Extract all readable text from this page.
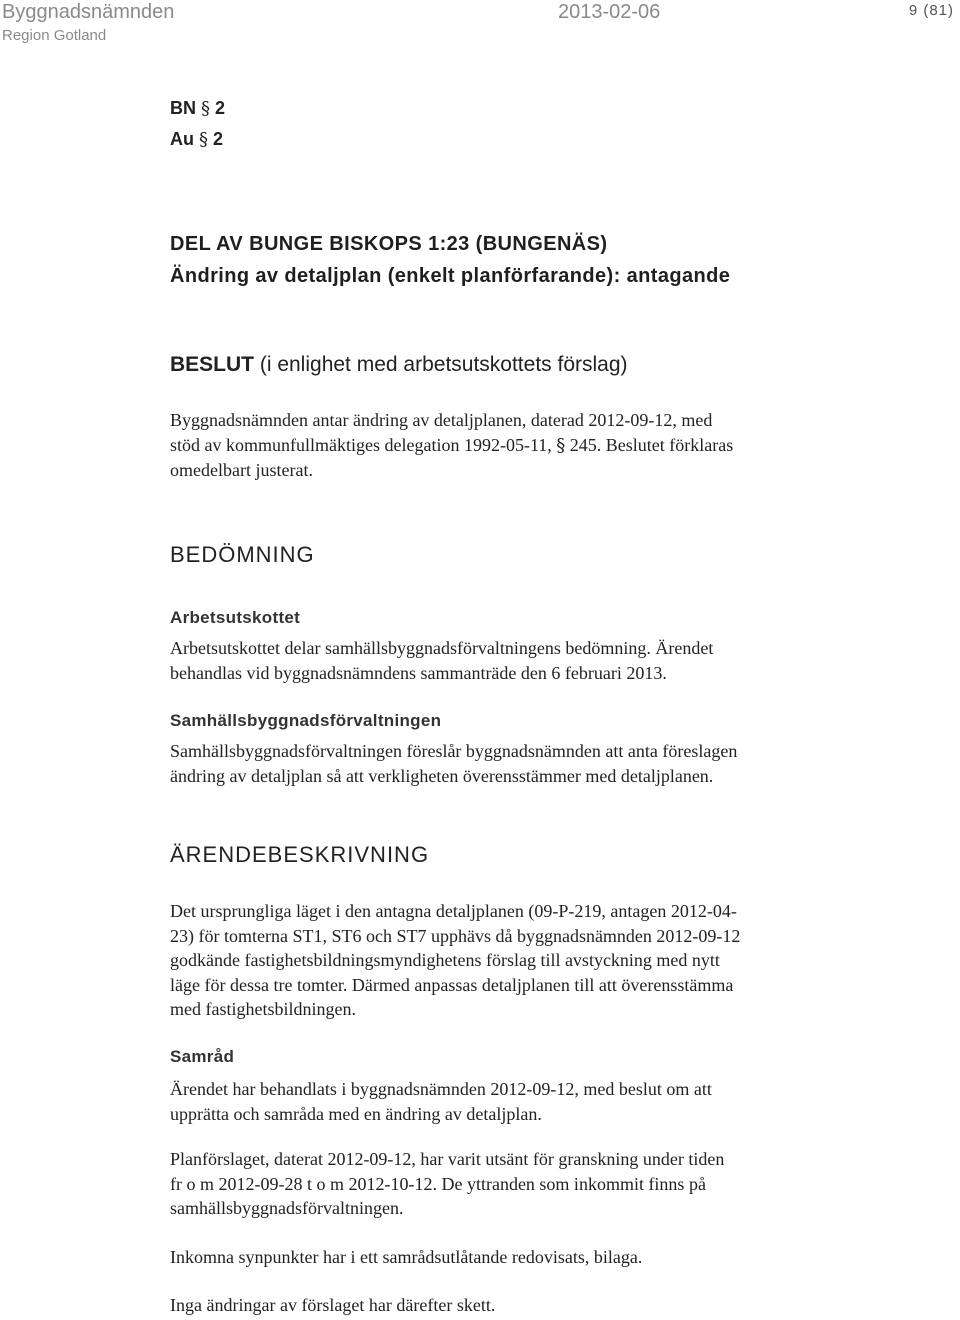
Byggnadsnämnden
Region Gotland
2013-02-06	9 (81)
BN § 2
Au § 2
DEL AV BUNGE BISKOPS 1:23 (BUNGENÄS)
Ändring av detaljplan (enkelt planförfarande): antagande
BESLUT (i enlighet med arbetsutskottets förslag)

Byggnadsnämnden antar ändring av detaljplanen, daterad 2012-09-12, med

stöd av kommunfullmäktiges delegation 1992-05-11, § 245. Beslutet förklaras

omedelbart justerat.

BEDÖMNING
Arbetsutskottet

Arbetsutskottet delar samhällsbyggnadsförvaltningens bedömning. Ärendet

behandlas vid byggnadsnämndens sammanträde den 6 februari 2013.

Samhällsbyggnadsförvaltningen

Samhällsbyggnadsförvaltningen föreslår byggnadsnämnden att anta föreslagen

ändring av detaljplan så att verkligheten överensstämmer med detaljplanen.

ÄRENDEBESKRIVNING

Det ursprungliga läget i den antagna detaljplanen (09-P-219, antagen 2012-04-

23) för tomterna ST1, ST6 och ST7 upphävs då byggnadsnämnden 2012-09-12

godkände fastighetsbildningsmyndighetens förslag till avstyckning med nytt

läge för dessa tre tomter. Därmed anpassas detaljplanen till att överensstämma

med fastighetsbildningen.

Samråd

Ärendet har behandlats i byggnadsnämnden 2012-09-12, med beslut om att

upprätta och samråda med en ändring av detaljplan.

Planförslaget, daterat 2012-09-12, har varit utsänt för granskning under tiden

fr o m 2012-09-28 t o m 2012-10-12. De yttranden som inkommit finns på

samhällsbyggnadsförvaltningen.

Inkomna synpunkter har i ett samrådsutlåtande redovisats, bilaga.

Inga ändringar av förslaget har därefter skett.
